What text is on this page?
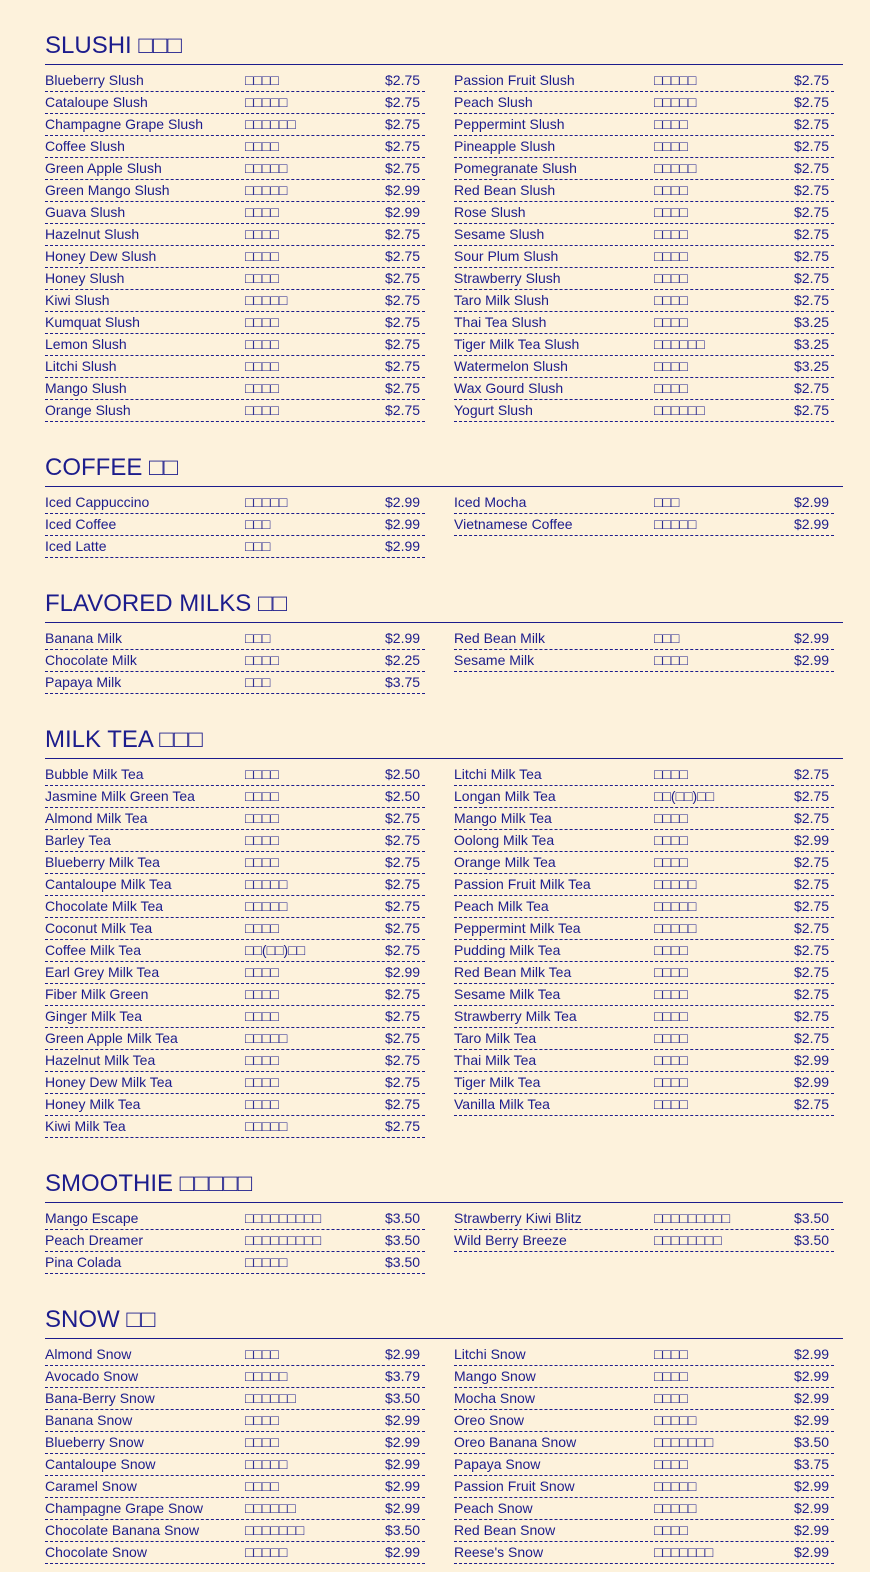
SLUSHI □□□
Blueberry Slush	□□□□	$2.75
Cataloupe Slush	□□□□□	$2.75
Champagne Grape Slush	□□□□□□	$2.75
Coffee Slush	□□□□	$2.75
Green Apple Slush	□□□□□	$2.75
Green Mango Slush	□□□□□	$2.99
Guava Slush	□□□□	$2.99
Hazelnut Slush	□□□□	$2.75
Honey Dew Slush	□□□□	$2.75
Honey Slush	□□□□	$2.75
Kiwi Slush	□□□□□	$2.75
Kumquat Slush	□□□□	$2.75
Lemon Slush	□□□□	$2.75
Litchi Slush	□□□□	$2.75
Mango Slush	□□□□	$2.75
Orange Slush	□□□□	$2.75
Passion Fruit Slush	□□□□□	$2.75
Peach Slush	□□□□□	$2.75
Peppermint Slush	□□□□	$2.75
Pineapple Slush	□□□□	$2.75
Pomegranate Slush	□□□□□	$2.75
Red Bean Slush	□□□□	$2.75
Rose Slush	□□□□	$2.75
Sesame Slush	□□□□	$2.75
Sour Plum Slush	□□□□	$2.75
Strawberry Slush	□□□□	$2.75
Taro Milk Slush	□□□□	$2.75
Thai Tea Slush	□□□□	$3.25
Tiger Milk Tea Slush	□□□□□□	$3.25
Watermelon Slush	□□□□	$3.25
Wax Gourd Slush	□□□□	$2.75
Yogurt Slush	□□□□□□	$2.75
COFFEE □□
Iced Cappuccino	□□□□□	$2.99
Iced Coffee	□□□	$2.99
Iced Latte	□□□	$2.99
Iced Mocha	□□□	$2.99
Vietnamese Coffee	□□□□□	$2.99
FLAVORED MILKS □□
Banana Milk	□□□	$2.99
Chocolate Milk	□□□□	$2.25
Papaya Milk	□□□	$3.75
Red Bean Milk	□□□	$2.99
Sesame Milk	□□□□	$2.99
MILK TEA □□□
Bubble Milk Tea	□□□□	$2.50
Jasmine Milk Green Tea	□□□□	$2.50
Almond Milk Tea	□□□□	$2.75
Barley Tea	□□□□	$2.75
Blueberry Milk Tea	□□□□	$2.75
Cantaloupe Milk Tea	□□□□□	$2.75
Chocolate Milk Tea	□□□□□	$2.75
Coconut Milk Tea	□□□□	$2.75
Coffee Milk Tea	□□(□□)□□	$2.75
Earl Grey Milk Tea	□□□□	$2.99
Fiber Milk Green	□□□□	$2.75
Ginger Milk Tea	□□□□	$2.75
Green Apple Milk Tea	□□□□□	$2.75
Hazelnut Milk Tea	□□□□	$2.75
Honey Dew Milk Tea	□□□□	$2.75
Honey Milk Tea	□□□□	$2.75
Kiwi Milk Tea	□□□□□	$2.75
Litchi Milk Tea	□□□□	$2.75
Longan Milk Tea	□□(□□)□□	$2.75
Mango Milk Tea	□□□□	$2.75
Oolong Milk Tea	□□□□	$2.99
Orange Milk Tea	□□□□	$2.75
Passion Fruit Milk Tea	□□□□□	$2.75
Peach Milk Tea	□□□□□	$2.75
Peppermint Milk Tea	□□□□□	$2.75
Pudding Milk Tea	□□□□	$2.75
Red Bean Milk Tea	□□□□	$2.75
Sesame Milk Tea	□□□□	$2.75
Strawberry Milk Tea	□□□□	$2.75
Taro Milk Tea	□□□□	$2.75
Thai Milk Tea	□□□□	$2.99
Tiger Milk Tea	□□□□	$2.99
Vanilla Milk Tea	□□□□	$2.75
SMOOTHIE □□□□□
Mango Escape	□□□□□□□□□	$3.50
Peach Dreamer	□□□□□□□□□	$3.50
Pina Colada	□□□□□	$3.50
Strawberry Kiwi Blitz	□□□□□□□□□	$3.50
Wild Berry Breeze	□□□□□□□□	$3.50
SNOW □□
Almond Snow	□□□□	$2.99
Avocado Snow	□□□□□	$3.79
Bana-Berry Snow	□□□□□□	$3.50
Banana Snow	□□□□	$2.99
Blueberry Snow	□□□□	$2.99
Cantaloupe Snow	□□□□□	$2.99
Caramel Snow	□□□□	$2.99
Champagne Grape Snow	□□□□□□	$2.99
Chocolate Banana Snow	□□□□□□□	$3.50
Chocolate Snow	□□□□□	$2.99
Litchi Snow	□□□□	$2.99
Mango Snow	□□□□	$2.99
Mocha Snow	□□□□	$2.99
Oreo Snow	□□□□□	$2.99
Oreo Banana Snow	□□□□□□□	$3.50
Papaya Snow	□□□□	$3.75
Passion Fruit Snow	□□□□□	$2.99
Peach Snow	□□□□□	$2.99
Red Bean Snow	□□□□	$2.99
Reese's Snow	□□□□□□□	$2.99
